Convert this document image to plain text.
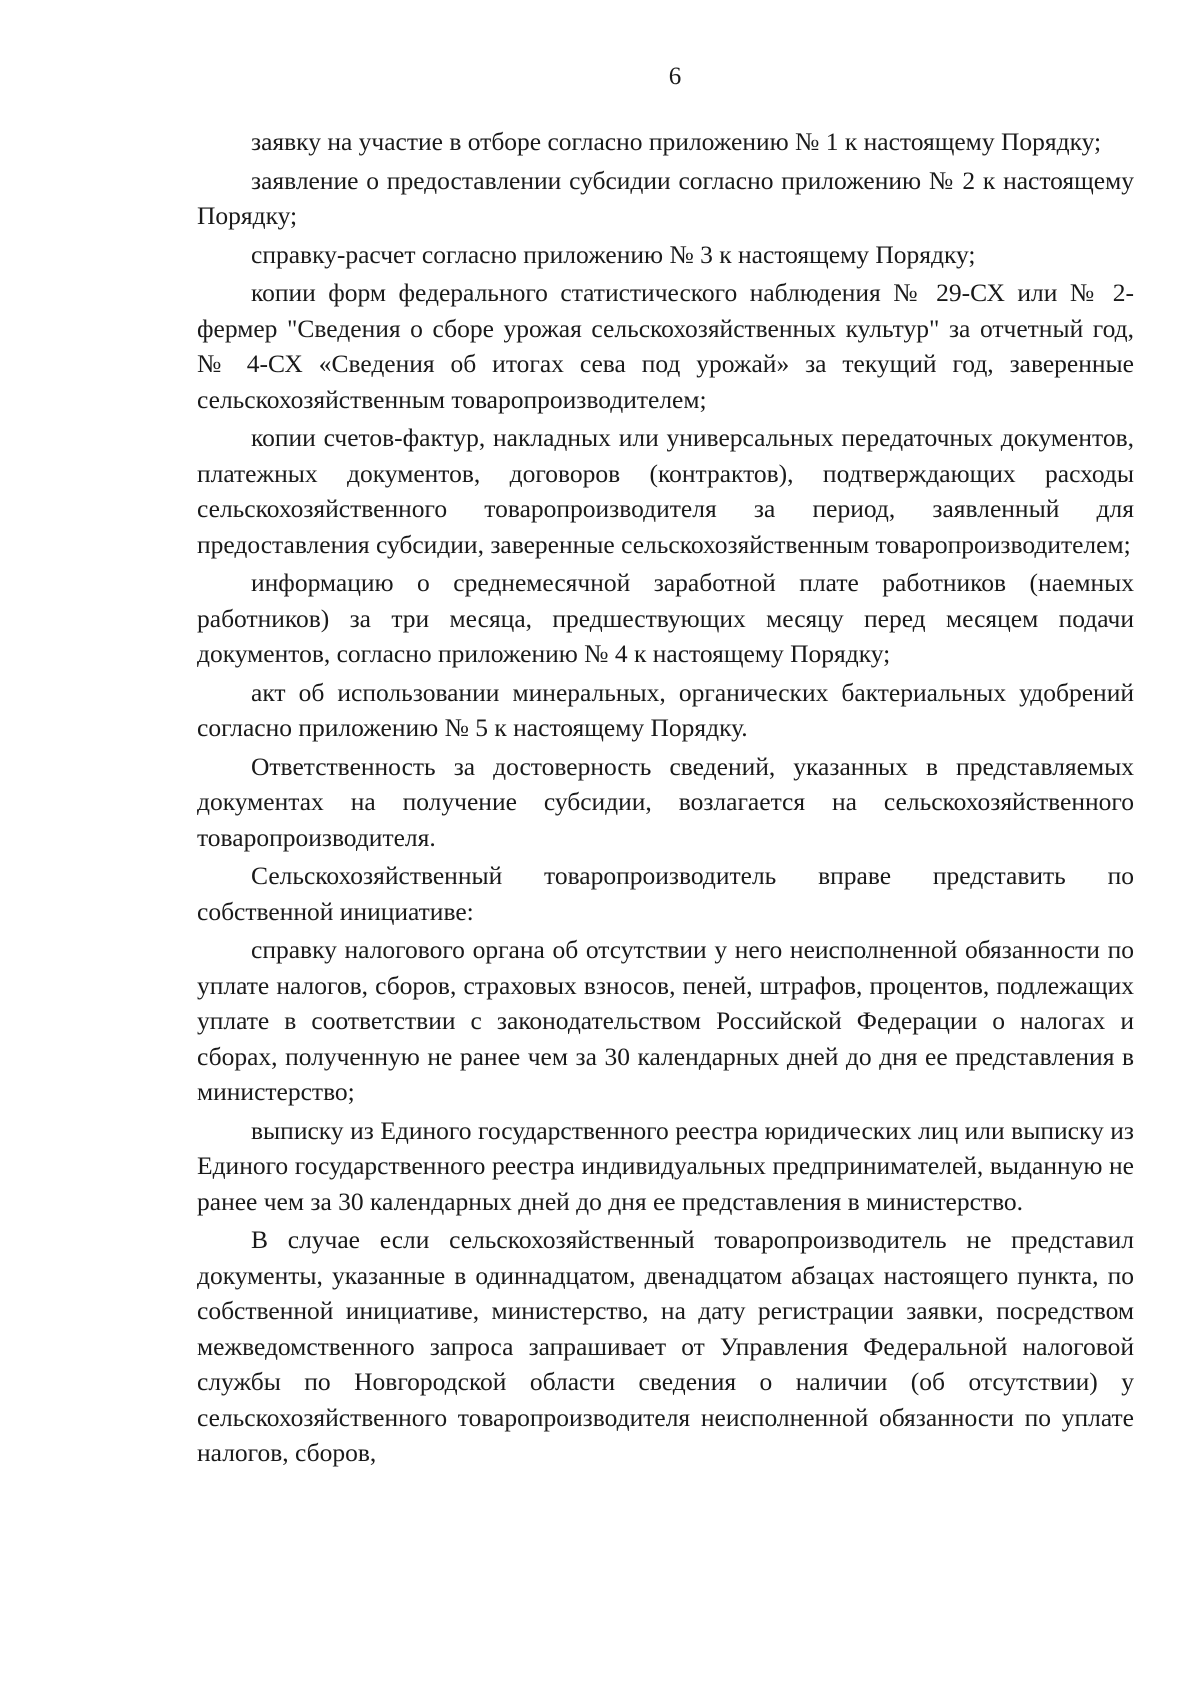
6

заявку на участие в отборе согласно приложению № 1 к настоящему Порядку;

заявление о предоставлении субсидии согласно приложению № 2 к настоящему Порядку;

справку-расчет согласно приложению № 3 к настоящему Порядку;

копии форм федерального статистического наблюдения № 29-СХ или № 2-фермер "Сведения о сборе урожая сельскохозяйственных культур" за отчетный год, № 4-СХ «Сведения об итогах сева под урожай» за текущий год, заверенные сельскохозяйственным товаропроизводителем;

копии счетов-фактур, накладных или универсальных передаточных документов, платежных документов, договоров (контрактов), подтверждающих расходы сельскохозяйственного товаропроизводителя за период, заявленный для предоставления субсидии, заверенные сельскохозяйственным товаропроизводителем;

информацию о среднемесячной заработной плате работников (наемных работников) за три месяца, предшествующих месяцу перед месяцем подачи документов, согласно приложению № 4 к настоящему Порядку;

акт об использовании минеральных, органических бактериальных удобрений согласно приложению № 5 к настоящему Порядку.

Ответственность за достоверность сведений, указанных в представляемых документах на получение субсидии, возлагается на сельскохозяйственного товаропроизводителя.

Сельскохозяйственный товаропроизводитель вправе представить по собственной инициативе:

справку налогового органа об отсутствии у него неисполненной обязанности по уплате налогов, сборов, страховых взносов, пеней, штрафов, процентов, подлежащих уплате в соответствии с законодательством Российской Федерации о налогах и сборах, полученную не ранее чем за 30 календарных дней до дня ее представления в министерство;

выписку из Единого государственного реестра юридических лиц или выписку из Единого государственного реестра индивидуальных предпринимателей, выданную не ранее чем за 30 календарных дней до дня ее представления в министерство.

В случае если сельскохозяйственный товаропроизводитель не представил документы, указанные в одиннадцатом, двенадцатом абзацах настоящего пункта, по собственной инициативе, министерство, на дату регистрации заявки, посредством межведомственного запроса запрашивает от Управления Федеральной налоговой службы по Новгородской области сведения о наличии (об отсутствии) у сельскохозяйственного товаропроизводителя неисполненной обязанности по уплате налогов, сборов,
